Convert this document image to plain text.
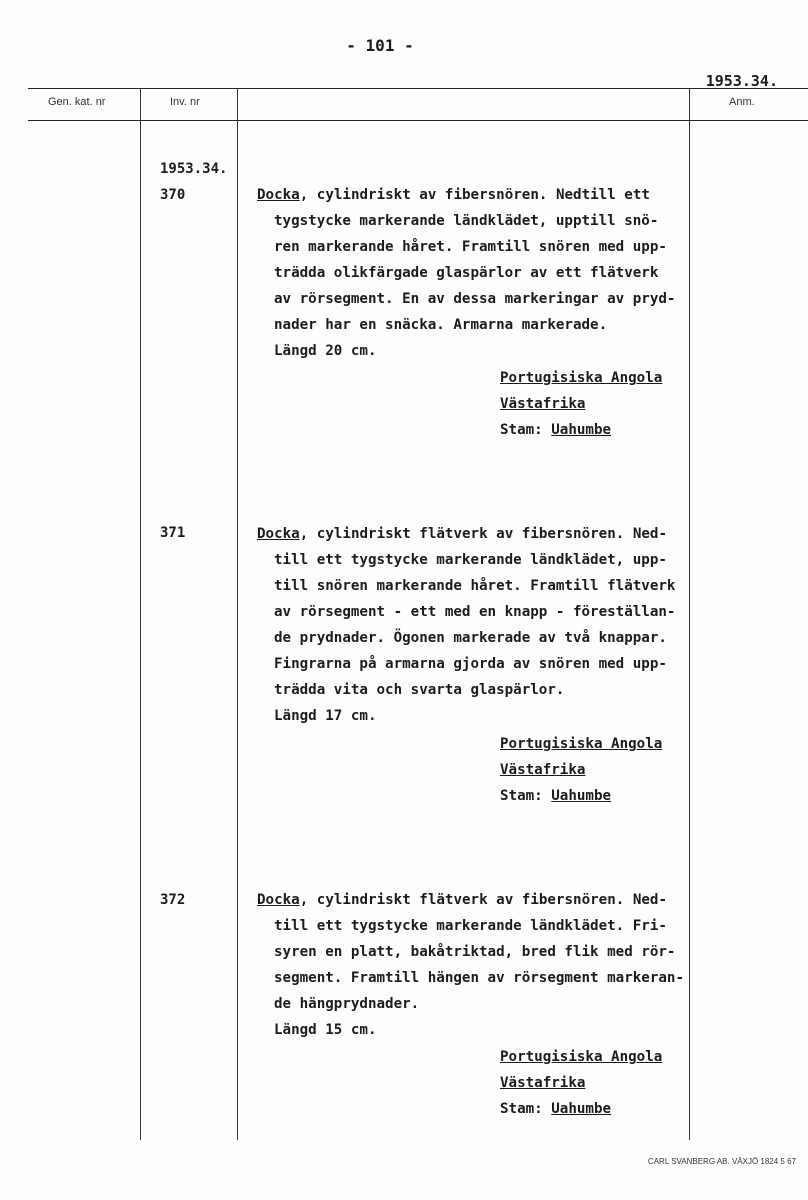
- 101 -
1953.34.
Gen. kat. nr	Inv. nr	Anm.
1953.34.
370	Docka, cylindriskt av fibersnören. Nedtill ett
tygstycke markerande ländklädet, upptill snö-
ren markerande håret. Framtill snören med upp-
trädda olikfärgade glaspärlor av ett flätverk
av rörsegment. En av dessa markeringar av pryd-
nader har en snäcka. Armarna markerade.
Längd 20 cm.
Portugisiska Angola
Västafrika
Stam: Uahumbe
371	Docka, cylindriskt flätverk av fibersnören. Ned-
till ett tygstycke markerande ländklädet, upp-
till snören markerande håret. Framtill flätverk
av rörsegment - ett med en knapp - föreställan-
de prydnader. Ögonen markerade av två knappar.
Fingrarna på armarna gjorda av snören med upp-
trädda vita och svarta glaspärlor.
Längd 17 cm.
Portugisiska Angola
Västafrika
Stam: Uahumbe
372	Docka, cylindriskt flätverk av fibersnören. Ned-
till ett tygstycke markerande ländklädet. Fri-
syren en platt, bakåtriktad, bred flik med rör-
segment. Framtill hängen av rörsegment markeran-
de hängprydnader.
Längd 15 cm.
Portugisiska Angola
Västafrika
Stam: Uahumbe
CARL SVANBERG AB. VÄXJÖ 1824 5 67
